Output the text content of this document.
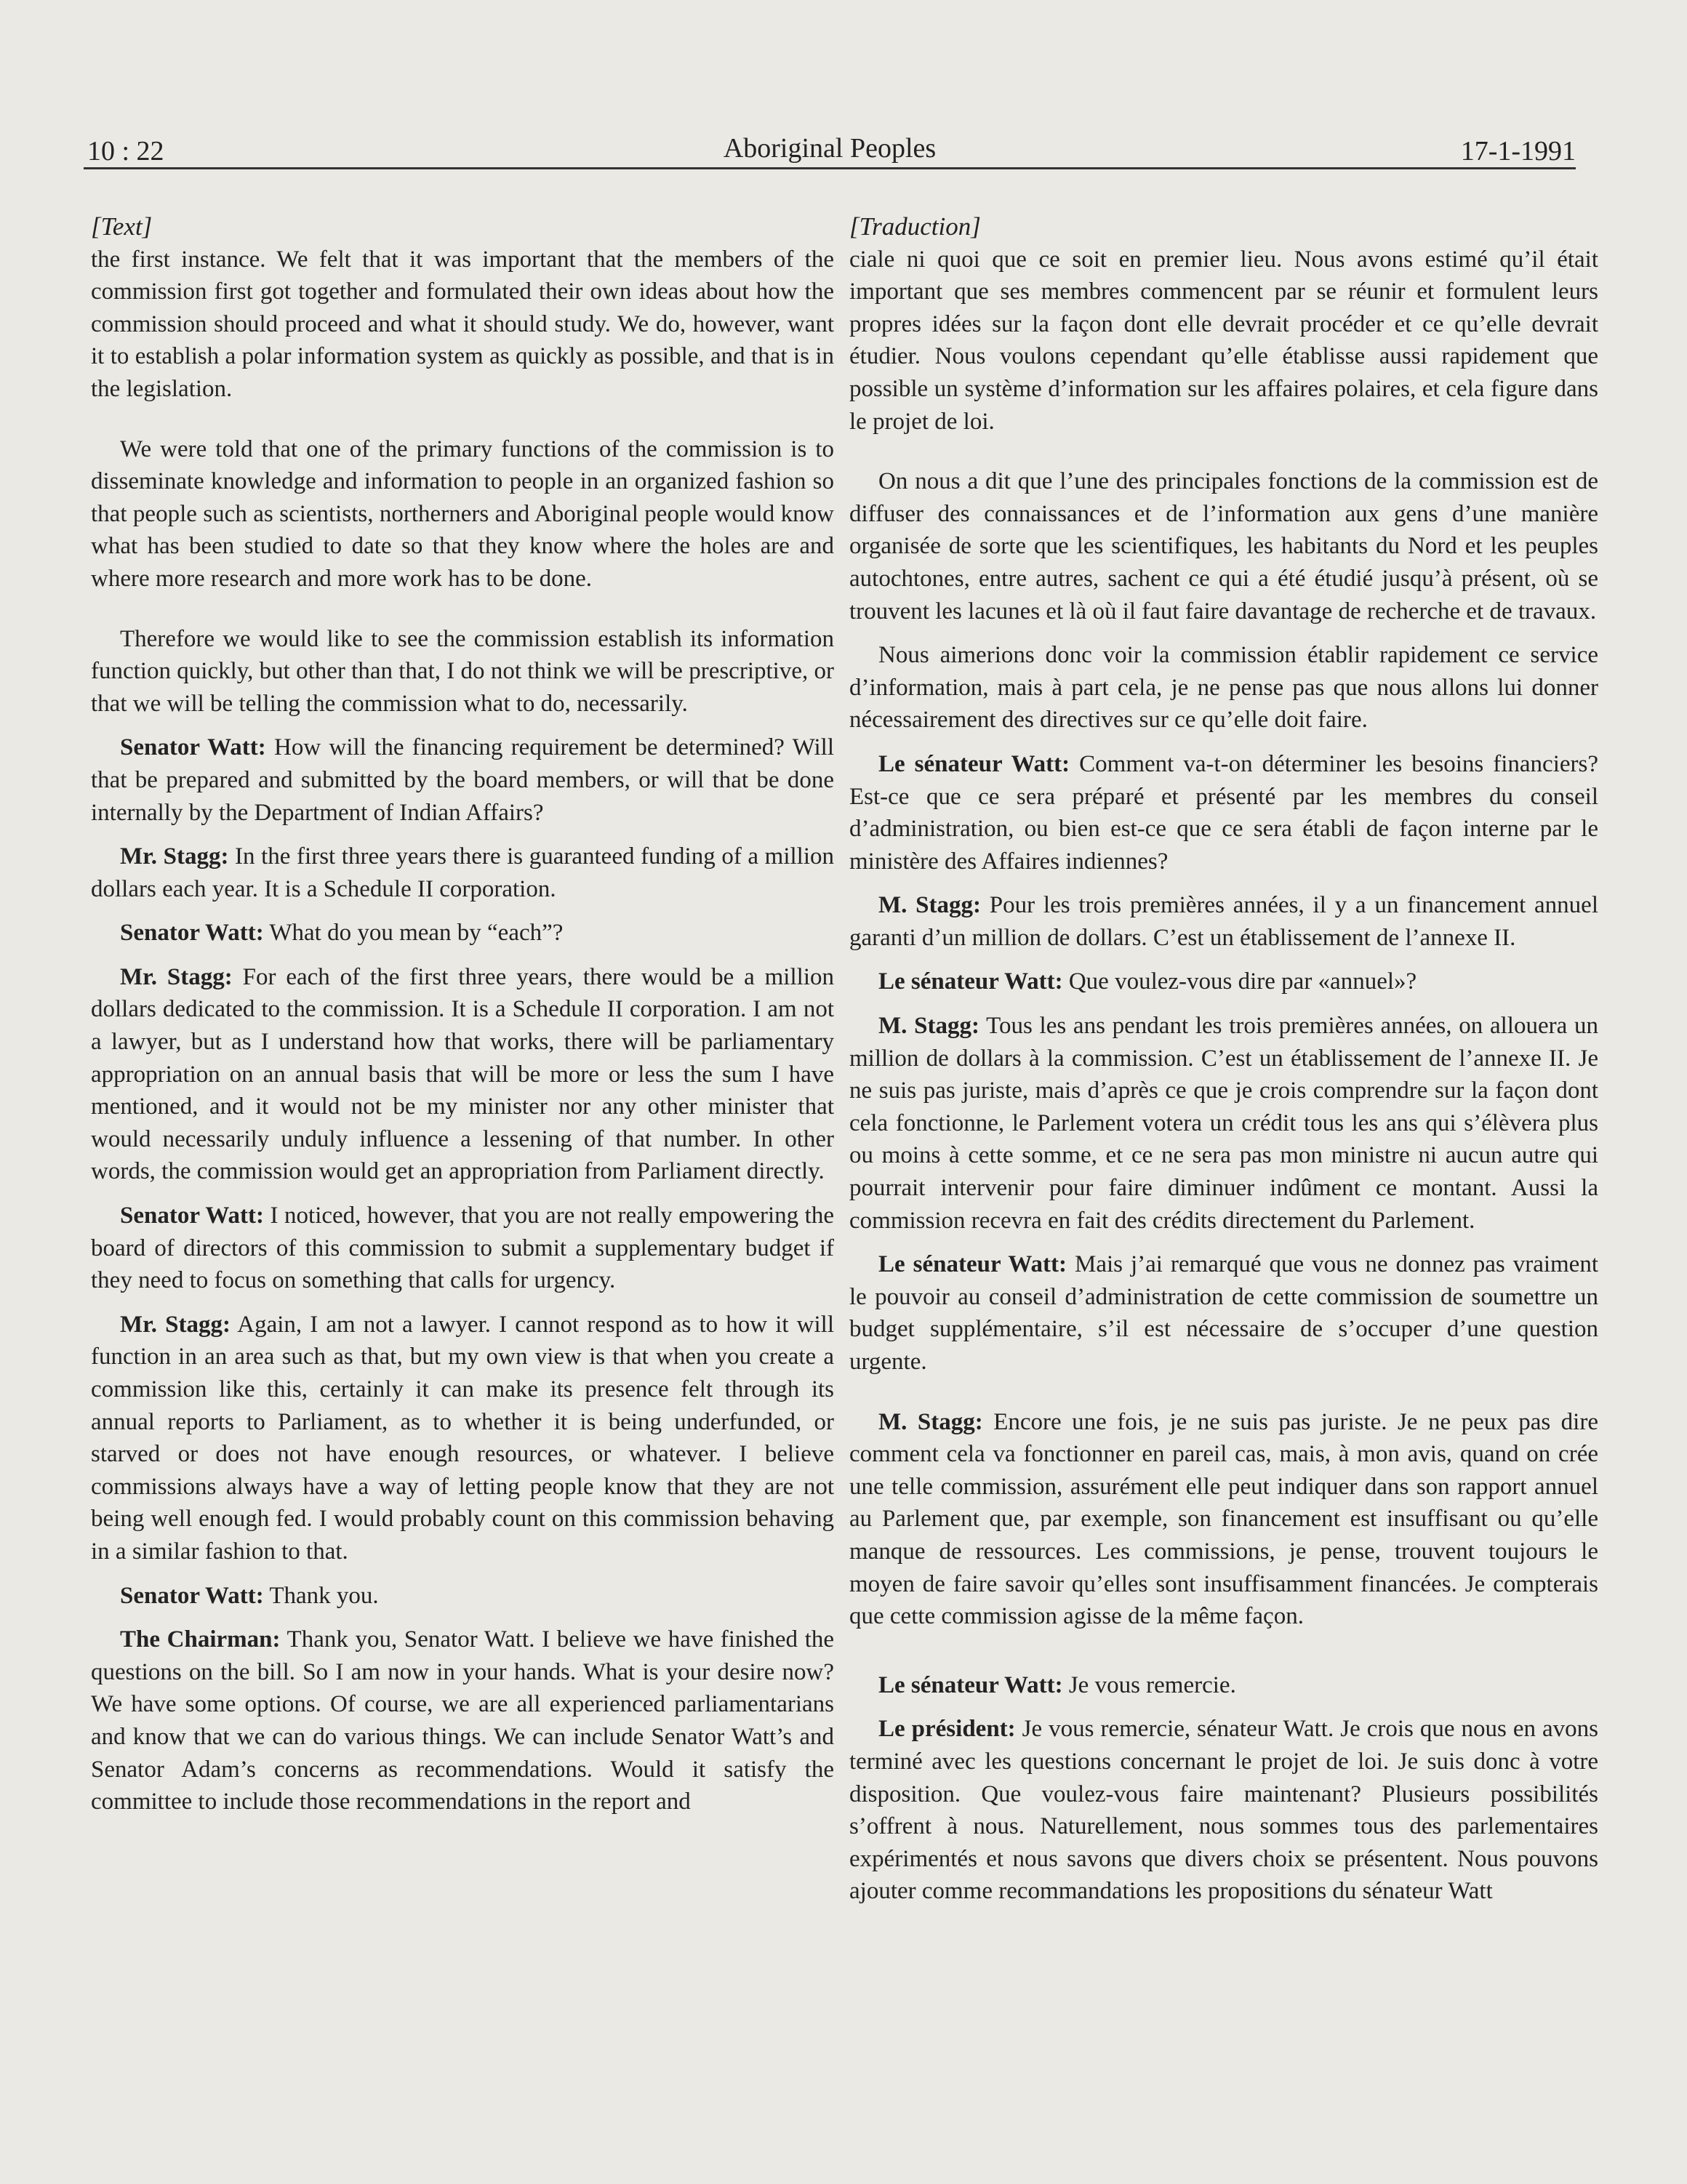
10 : 22	Aboriginal Peoples	17-1-1991
[Text]

the first instance. We felt that it was important that the members of the commission first got together and formulated their own ideas about how the commission should proceed and what it should study. We do, however, want it to establish a polar information system as quickly as possible, and that is in the legislation.

We were told that one of the primary functions of the commission is to disseminate knowledge and information to people in an organized fashion so that people such as scientists, northerners and Aboriginal people would know what has been studied to date so that they know where the holes are and where more research and more work has to be done.

Therefore we would like to see the commission establish its information function quickly, but other than that, I do not think we will be prescriptive, or that we will be telling the commission what to do, necessarily.

Senator Watt: How will the financing requirement be determined? Will that be prepared and submitted by the board members, or will that be done internally by the Department of Indian Affairs?

Mr. Stagg: In the first three years there is guaranteed funding of a million dollars each year. It is a Schedule II corporation.

Senator Watt: What do you mean by “each”?

Mr. Stagg: For each of the first three years, there would be a million dollars dedicated to the commission. It is a Schedule II corporation. I am not a lawyer, but as I understand how that works, there will be parliamentary appropriation on an annual basis that will be more or less the sum I have mentioned, and it would not be my minister nor any other minister that would necessarily unduly influence a lessening of that number. In other words, the commission would get an appropriation from Parliament directly.

Senator Watt: I noticed, however, that you are not really empowering the board of directors of this commission to submit a supplementary budget if they need to focus on something that calls for urgency.

Mr. Stagg: Again, I am not a lawyer. I cannot respond as to how it will function in an area such as that, but my own view is that when you create a commission like this, certainly it can make its presence felt through its annual reports to Parliament, as to whether it is being underfunded, or starved or does not have enough resources, or whatever. I believe commissions always have a way of letting people know that they are not being well enough fed. I would probably count on this commission behaving in a similar fashion to that.

Senator Watt: Thank you.

The Chairman: Thank you, Senator Watt. I believe we have finished the questions on the bill. So I am now in your hands. What is your desire now? We have some options. Of course, we are all experienced parliamentarians and know that we can do various things. We can include Senator Watt’s and Senator Adam’s concerns as recommendations. Would it satisfy the committee to include those recommendations in the report and

[Traduction]

ciale ni quoi que ce soit en premier lieu. Nous avons estimé qu’il était important que ses membres commencent par se réunir et formulent leurs propres idées sur la façon dont elle devrait procéder et ce qu’elle devrait étudier. Nous voulons cependant qu’elle établisse aussi rapidement que possible un système d’information sur les affaires polaires, et cela figure dans le projet de loi.

On nous a dit que l’une des principales fonctions de la commission est de diffuser des connaissances et de l’information aux gens d’une manière organisée de sorte que les scientifiques, les habitants du Nord et les peuples autochtones, entre autres, sachent ce qui a été étudié jusqu’à présent, où se trouvent les lacunes et là où il faut faire davantage de recherche et de travaux.

Nous aimerions donc voir la commission établir rapidement ce service d’information, mais à part cela, je ne pense pas que nous allons lui donner nécessairement des directives sur ce qu’elle doit faire.

Le sénateur Watt: Comment va-t-on déterminer les besoins financiers? Est-ce que ce sera préparé et présenté par les membres du conseil d’administration, ou bien est-ce que ce sera établi de façon interne par le ministère des Affaires indiennes?

M. Stagg: Pour les trois premières années, il y a un financement annuel garanti d’un million de dollars. C’est un établissement de l’annexe II.

Le sénateur Watt: Que voulez-vous dire par «annuel»?

M. Stagg: Tous les ans pendant les trois premières années, on allouera un million de dollars à la commission. C’est un établissement de l’annexe II. Je ne suis pas juriste, mais d’après ce que je crois comprendre sur la façon dont cela fonctionne, le Parlement votera un crédit tous les ans qui s’élèvera plus ou moins à cette somme, et ce ne sera pas mon ministre ni aucun autre qui pourrait intervenir pour faire diminuer indûment ce montant. Aussi la commission recevra en fait des crédits directement du Parlement.

Le sénateur Watt: Mais j’ai remarqué que vous ne donnez pas vraiment le pouvoir au conseil d’administration de cette commission de soumettre un budget supplémentaire, s’il est nécessaire de s’occuper d’une question urgente.

M. Stagg: Encore une fois, je ne suis pas juriste. Je ne peux pas dire comment cela va fonctionner en pareil cas, mais, à mon avis, quand on crée une telle commission, assurément elle peut indiquer dans son rapport annuel au Parlement que, par exemple, son financement est insuffisant ou qu’elle manque de ressources. Les commissions, je pense, trouvent toujours le moyen de faire savoir qu’elles sont insuffisamment financées. Je compterais que cette commission agisse de la même façon.

Le sénateur Watt: Je vous remercie.

Le président: Je vous remercie, sénateur Watt. Je crois que nous en avons terminé avec les questions concernant le projet de loi. Je suis donc à votre disposition. Que voulez-vous faire maintenant? Plusieurs possibilités s’offrent à nous. Naturellement, nous sommes tous des parlementaires expérimentés et nous savons que divers choix se présentent. Nous pouvons ajouter comme recommandations les propositions du sénateur Watt
